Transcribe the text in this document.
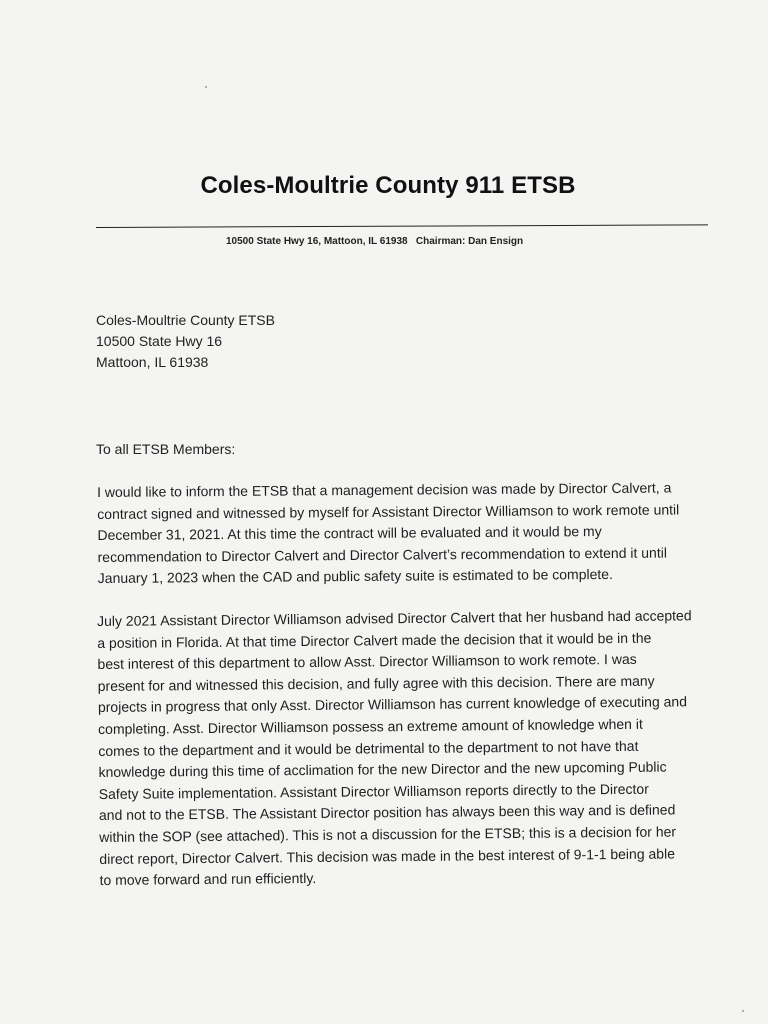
Coles-Moultrie County 911 ETSB
10500 State Hwy 16, Mattoon, IL 61938   Chairman: Dan Ensign
Coles-Moultrie County ETSB
10500 State Hwy 16
Mattoon, IL 61938
To all ETSB Members:
I would like to inform the ETSB that a management decision was made by Director Calvert, a
contract signed and witnessed by myself for Assistant Director Williamson to work remote until
December 31, 2021. At this time the contract will be evaluated and it would be my
recommendation to Director Calvert and Director Calvert’s recommendation to extend it until
January 1, 2023 when the CAD and public safety suite is estimated to be complete.
July 2021 Assistant Director Williamson advised Director Calvert that her husband had accepted
a position in Florida. At that time Director Calvert made the decision that it would be in the
best interest of this department to allow Asst. Director Williamson to work remote. I was
present for and witnessed this decision, and fully agree with this decision. There are many
projects in progress that only Asst. Director Williamson has current knowledge of executing and
completing. Asst. Director Williamson possess an extreme amount of knowledge when it
comes to the department and it would be detrimental to the department to not have that
knowledge during this time of acclimation for the new Director and the new upcoming Public
Safety Suite implementation. Assistant Director Williamson reports directly to the Director
and not to the ETSB. The Assistant Director position has always been this way and is defined
within the SOP (see attached). This is not a discussion for the ETSB; this is a decision for her
direct report, Director Calvert. This decision was made in the best interest of 9-1-1 being able
to move forward and run efficiently.
